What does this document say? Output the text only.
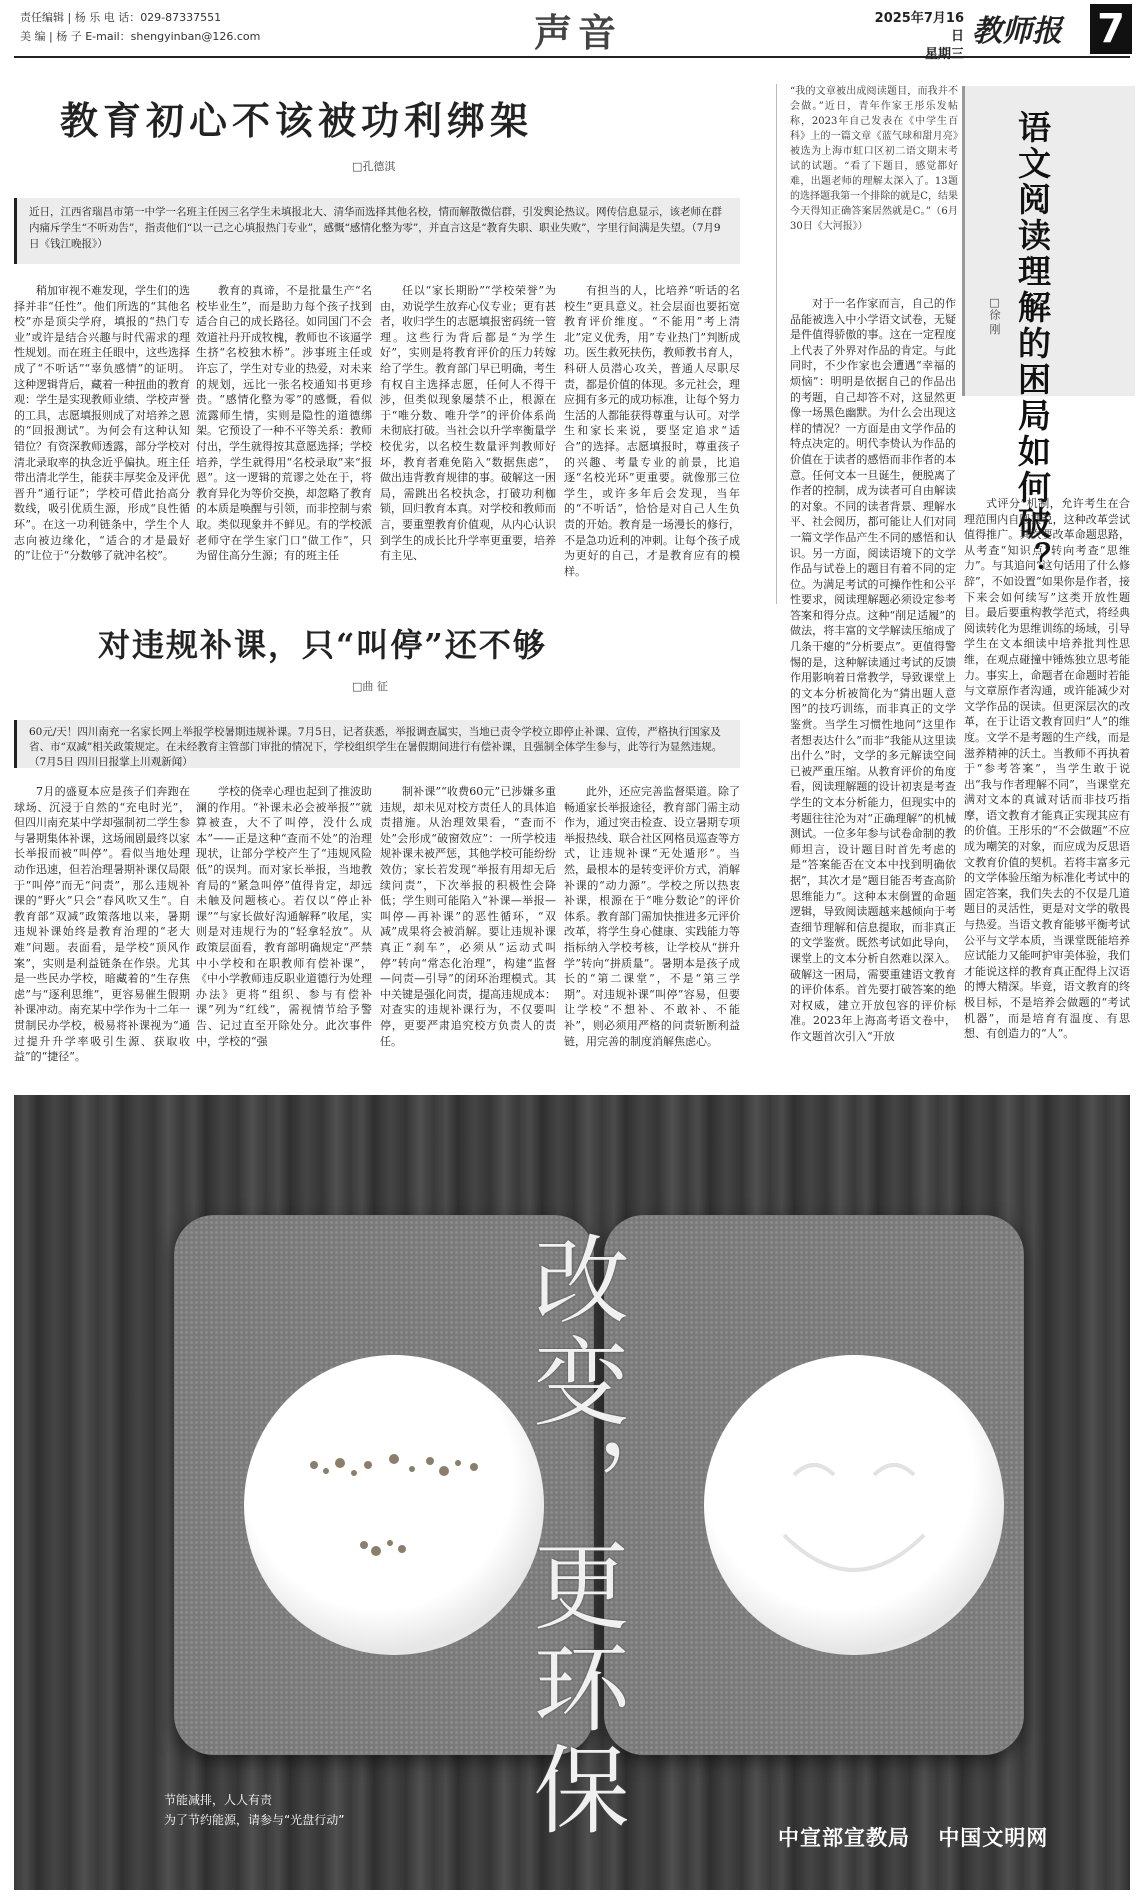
责任编辑 | 杨 乐 电 话：029-87337551
美 编 | 杨 子 E-mail：shengyinban@126.com	声音	2025年7月16日
星期三
教师报 7
教育初心不该被功利绑架
□孔德淇
近日，江西省瑞昌市第一中学一名班主任因三名学生未填报北大、清华而选择其他名校，情而解散微信群，引发舆论热议。网传信息显示，该老师在群内痛斥学生“不听劝告”，指责他们“以一己之心填报热门专业”，感慨“感情化整为零”，并直言这是“教育失职、职业失败”，字里行间满是失望。（7月9日《钱江晚报》）

稍加审视不难发现，学生们的选择并非“任性”。他们所选的“其他名校”亦是顶尖学府，填报的“热门专业”或许是结合兴趣与时代需求的理性规划。而在班主任眼中，这些选择成了“不听话”“辜负感情”的证明。这种逻辑背后，藏着一种扭曲的教育观：学生是实现教师业绩、学校声誉的工具，志愿填报则成了对培养之恩的“回报测试”。为何会有这种认知错位？有资深教师透露，部分学校对清北录取率的执念近乎偏执。班主任带出清北学生，能获丰厚奖金及评优晋升“通行证”；学校可借此抬高分数线，吸引优质生源，形成“良性循环”。在这一功利链条中，学生个人志向被边缘化，“适合的才是最好的”让位于“分数够了就冲名校”。

教育的真谛，不是批量生产“名校毕业生”，而是助力每个孩子找到适合自己的成长路径。如同国门不会效道社丹开成牧槐，教师也不该逼学生挤“名校独木桥”。涉事班主任或许忘了，学生对专业的热爱，对未来的规划，远比一张名校通知书更珍贵。“感情化整为零”的感慨，看似流露师生情，实则是隐性的道德绑架。它预设了一种不平等关系：教师付出，学生就得按其意愿选择；学校培养，学生就得用“名校录取”来“报恩”。这一逻辑的荒谬之处在于，将教育异化为等价交换，却忽略了教育的本质是唤醒与引领，而非控制与索取。类似现象并不鲜见。有的学校派老师守在学生家门口“做工作”，只为留住高分生源；有的班主任

任以“家长期盼”“学校荣誉”为由，劝说学生放弃心仪专业；更有甚者，收归学生的志愿填报密码统一管理。这些行为背后都是“为学生好”，实则是将教育评价的压力转嫁给了学生。教育部门早已明确，考生有权自主选择志愿，任何人不得干涉，但类似现象屡禁不止，根源在于“唯分数、唯升学”的评价体系尚未彻底打破。当社会以升学率衡量学校优劣，以名校生数量评判教师好坏，教育者难免陷入“数据焦虑”，做出违背教育规律的事。破解这一困局，需跳出名校执念，打破功利枷锁，回归教育本真。对学校和教师而言，要重塑教育价值观，从内心认识到学生的成长比升学率更重要，培养有主见、

有担当的人，比培养“听话的名校生”更具意义。社会层面也要拓宽教育评价维度。“不能用”考上清北”定义优秀，用”专业热门”判断成功。医生救死扶伤，教师教书育人，科研人员潜心攻关，普通人尽职尽责，都是价值的体现。多元社会，理应拥有多元的成功标准，让每个努力生活的人都能获得尊重与认可。对学生和家长来说，要坚定追求“适合”的选择。志愿填报时，尊重孩子的兴趣、考量专业的前景，比追逐“名校光环”更重要。就像那三位学生，或许多年后会发现，当年的“不听话”，恰恰是对自己人生负责的开始。教育是一场漫长的修行，不是急功近利的冲刺。让每个孩子成为更好的自己，才是教育应有的模样。

对违规补课，只“叫停”还不够
□曲 征
60元/天！四川南充一名家长网上举报学校暑期违规补课。7月5日，记者获悉，举报调查属实，当地已责令学校立即停止补课、宣传，严格执行国家及省、市“双减”相关政策规定。在未经教育主管部门审批的情况下，学校组织学生在暑假期间进行有偿补课，且强制全体学生参与，此等行为显然违规。（7月5日 四川日报掌上川观新闻）

7月的盛夏本应是孩子们奔跑在球场、沉浸于自然的“充电时光”，但四川南充某中学却强制初二学生参与暑期集体补课，这场闹剧最终以家长举报而被“叫停”。看似当地处理动作迅速，但若治理暑期补课仅局限于“叫停”而无“问责”，那么违规补课的“野火”只会“春风吹又生”。自教育部“双减”政策落地以来，暑期违规补课始终是教育治理的“老大难”问题。表面看，是学校“顶风作案”，实则是利益链条在作祟。尤其是一些民办学校，暗藏着的“生存焦虑”与“逐利思维”，更容易催生假期补课冲动。南充某中学作为十二年一贯制民办学校，极易将补课视为“通过提升升学率吸引生源、获取收益”的“捷径”。

学校的侥幸心理也起到了推波助澜的作用。“补课未必会被举报”“就算被查，大不了叫停，没什么成本”——正是这种“查而不处”的治理现状，让部分学校产生了“违规风险低”的误判。而对家长举报，当地教育局的“紧急叫停”值得肯定，却远未触及问题核心。若仅以“停止补课”“与家长做好沟通解释”收尾，实则是对违规行为的“轻拿轻放”。从政策层面看，教育部明确规定“严禁中小学校和在职教师有偿补课”，《中小学教师违反职业道德行为处理办法》更将“组织、参与有偿补课”列为“红线”，需视情节给予警告、记过直至开除处分。此次事件中，学校的“强

制补课”“收费60元”已涉嫌多重违规，却未见对校方责任人的具体追责措施。从治理效果看，“查而不处”会形成“破窗效应”：一所学校违规补课未被严惩，其他学校可能纷纷效仿；家长若发现“举报有用却无后续问责”，下次举报的积极性会降低；学生则可能陷入“补课—举报—叫停—再补课”的恶性循环，“双减”成果将会被消解。要让违规补课真正“刹车”，必须从“运动式叫停”转向“常态化治理”，构建“监督—问责—引导”的闭环治理模式。其中关键是强化问责，提高违规成本：对查实的违规补课行为，不仅要叫停，更要严肃追究校方负责人的责任。

此外，还应完善监督渠道。除了畅通家长举报途径，教育部门需主动作为，通过突击检查、设立暑期专项举报热线、联合社区网格员巡查等方式，让违规补课“无处遁形”。当然，最根本的是转变评价方式，消解补课的“动力源”。学校之所以热衷补课，根源在于“唯分数论”的评价体系。教育部门需加快推进多元评价改革，将学生身心健康、实践能力等指标纳入学校考核，让学校从“拼升学”转向“拼质量”。暑期本是孩子成长的“第二课堂”，不是“第三学期”。对违规补课“叫停”容易，但要让学校“不想补、不敢补、不能补”，则必须用严格的问责斩断利益链，用完善的制度消解焦虑心。

“我的文章被出成阅读题目，而我并不会做。”近日，青年作家王彤乐发帖称，2023年自己发表在《中学生百科》上的一篇文章《蓝气球和甜月亮》被选为上海市虹口区初二语文期末考试的试题。“看了下题目，感觉都好难，出题老师的理解太深入了。13题的选择题我第一个排除的就是C，结果今天得知正确答案居然就是C。”（6月30日《大河报》）	语文阅读理解的困局如何破？
□徐 刚

对于一名作家而言，自己的作品能被选入中小学语文试卷，无疑是件值得骄傲的事。这在一定程度上代表了外界对作品的肯定。与此同时，不少作家也会遭遇“幸福的烦恼”：明明是依据自己的作品出的考题，自己却答不对，这显然更像一场黑色幽默。为什么会出现这样的情况？一方面是由文学作品的特点决定的。明代李贽认为作品的价值在于读者的感悟而非作者的本意。任何文本一旦诞生，便脱离了作者的控制，成为读者可自由解读的对象。不同的读者背景、理解水平、社会阅历，都可能让人们对同一篇文学作品产生不同的感悟和认识。另一方面，阅读语境下的文学作品与试卷上的题目有着不同的定位。为满足考试的可操作性和公平性要求，阅读理解题必须设定参考答案和得分点。这种“削足适履”的做法，将丰富的文学解读压缩成了几条干瘪的“分析要点”。更值得警惕的是，这种解读通过考试的反馈作用影响着日常教学，导致课堂上的文本分析被简化为“猜出题人意图”的技巧训练，而非真正的文学鉴赏。当学生习惯性地问“这里作者想表达什么”而非“我能从这里读出什么”时，文学的多元解读空间已被严重压缩。从教育评价的角度看，阅读理解题的设计初衷是考查学生的文本分析能力，但现实中的考题往往沦为对“正确理解”的机械测试。一位多年参与试卷命制的教师坦言，设计题目时首先考虑的是“答案能否在文本中找到明确依据”，其次才是“题目能否考查高阶思维能力”。这种本末倒置的命题逻辑，导致阅读题越来越倾向于考查细节理解和信息提取，而非真正的文学鉴赏。既然考试如此导向，课堂上的文本分析自然难以深入。破解这一困局，需要重建语文教育的评价体系。首先要打破答案的绝对权威，建立开放包容的评价标准。2023年上海高考语文卷中，作文题首次引入“开放

式评分”机制，允许考生在合理范围内自圆其说，这种改革尝试值得推广。其次要改革命题思路，从考查“知识点”转向考查“思维力”。与其追问“这句话用了什么修辞”，不如设置“如果你是作者，接下来会如何续写”这类开放性题目。最后要重构教学范式，将经典阅读转化为思维训练的场域，引导学生在文本细读中培养批判性思维，在观点碰撞中锤炼独立思考能力。事实上，命题者在命题时若能与文章原作者沟通，或许能减少对文学作品的误读。但更深层次的改革，在于让语文教育回归“人”的维度。文学不是考题的生产线，而是滋养精神的沃土。当教师不再执着于“参考答案”，当学生敢于说出“我与作者理解不同”，当课堂充满对文本的真诚对话而非技巧指摩，语文教育才能真正实现其应有的价值。王彤乐的“不会做题”不应成为嘲笑的对象，而应成为反思语文教育价值的契机。若将丰富多元的文学体验压缩为标准化考试中的固定答案，我们失去的不仅是几道题目的灵活性，更是对文学的敬畏与热爱。当语文教育能够平衡考试公平与文学本质，当课堂既能培养应试能力又能呵护审美体验，我们才能说这样的教育真正配得上汉语的博大精深。毕竟，语文教育的终极目标，不是培养会做题的“考试机器”，而是培育有温度、有思想、有创造力的“人”。

改变，更环保
节能减排，人人有责
为了节约能源，请参与“光盘行动”
中宣部宣教局 中国文明网
